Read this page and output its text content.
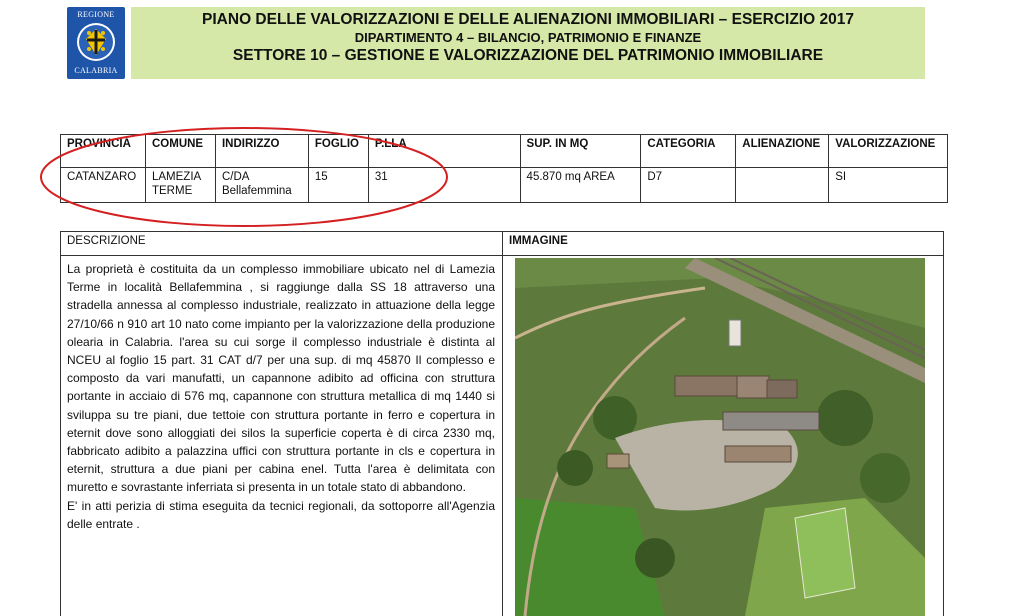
REGIONE
CALABRIA
PIANO DELLE VALORIZZAZIONI E DELLE ALIENAZIONI IMMOBILIARI – ESERCIZIO 2017
DIPARTIMENTO 4 – BILANCIO, PATRIMONIO E FINANZE
SETTORE 10 – GESTIONE E VALORIZZAZIONE DEL PATRIMONIO IMMOBILIARE
PROVINCIA	COMUNE	INDIRIZZO	FOGLIO	P.LLA	SUP. IN MQ	CATEGORIA	ALIENAZIONE	VALORIZZAZIONE
CATANZARO	LAMEZIA TERME	C/DA Bellafemmina	15	31	45.870 mq AREA	D7		SI
DESCRIZIONE	IMMAGINE
La proprietà è costituita da un complesso immobiliare ubicato nel di Lamezia Terme in località Bellafemmina , si raggiunge dalla SS 18 attraverso una stradella annessa al complesso industriale, realizzato in attuazione della legge 27/10/66 n 910 art 10 nato come impianto per la valorizzazione della produzione olearia in Calabria. l'area su cui sorge il complesso industriale è distinta al NCEU al foglio 15 part. 31 CAT d/7 per una sup. di mq 45870 Il complesso e composto da vari manufatti, un capannone adibito ad officina con struttura portante in acciaio di 576 mq, capannone con struttura metallica di mq 1440 si sviluppa su tre piani, due tettoie con struttura portante in ferro e copertura in eternit dove sono alloggiati dei silos la superficie coperta è di circa 2330 mq, fabbricato adibito a palazzina uffici con struttura portante in cls e copertura in eternit, struttura a due piani per cabina enel. Tutta l'area è delimitata con muretto e sovrastante inferriata si presenta in un totale stato di abbandono.
E' in atti perizia di stima eseguita da tecnici regionali, da sottoporre all'Agenzia delle entrate .
